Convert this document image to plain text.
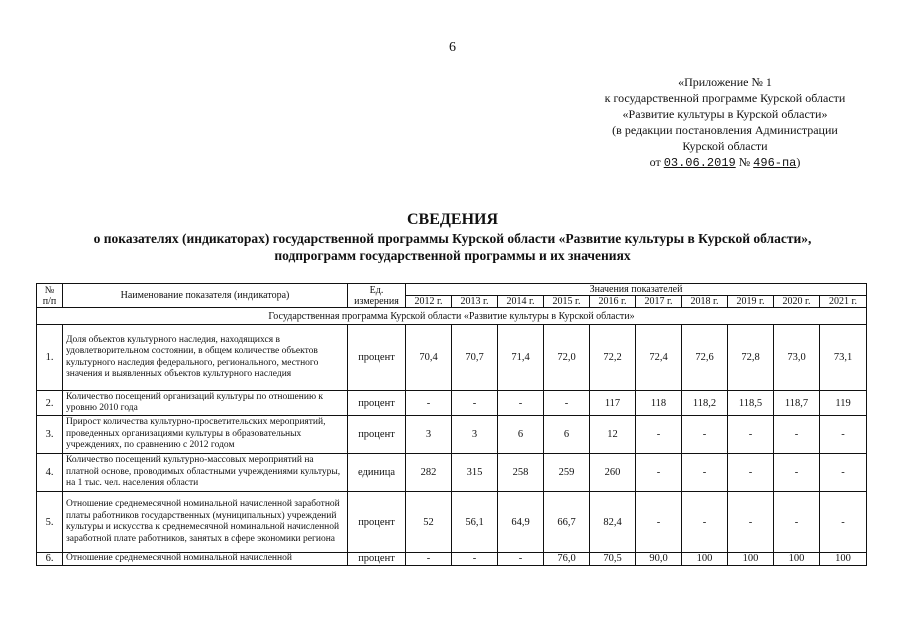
6
«Приложение № 1
к государственной программе Курской области
«Развитие культуры в Курской области»
(в редакции постановления Администрации
Курской области
от 03.06.2019 № 496-па)
СВЕДЕНИЯ
о показателях (индикаторах) государственной программы Курской области «Развитие культуры в Курской области»,
подпрограмм государственной программы и их значениях
№ п/п	Наименование показателя (индикатора)	Ед. измерения	Значения показателей									
			2012 г.	2013 г.	2014 г.	2015 г.	2016 г.	2017 г.	2018 г.	2019 г.	2020 г.	2021 г.
Государственная программа Курской области «Развитие культуры в Курской области»												
1.	Доля объектов культурного наследия, находящихся в удовлетворительном состоянии, в общем количестве объектов культурного наследия федерального, регионального, местного значения и выявленных объектов культурного наследия	процент	70,4	70,7	71,4	72,0	72,2	72,4	72,6	72,8	73,0	73,1
2.	Количество посещений организаций культуры по отношению к уровню 2010 года	процент	-	-	-	-	117	118	118,2	118,5	118,7	119
3.	Прирост количества культурно-просветительских мероприятий, проведенных организациями культуры в образовательных учреждениях, по сравнению с 2012 годом	процент	3	3	6	6	12	-	-	-	-	-
4.	Количество посещений культурно-массовых мероприятий на платной основе, проводимых областными учреждениями культуры, на 1 тыс. чел. населения области	единица	282	315	258	259	260	-	-	-	-	-
5.	Отношение среднемесячной номинальной начисленной заработной платы работников государственных (муниципальных) учреждений культуры и искусства к среднемесячной номинальной начисленной заработной плате работников, занятых в сфере экономики региона	процент	52	56,1	64,9	66,7	82,4	-	-	-	-	-
6.	Отношение среднемесячной номинальной начисленной	процент	-	-	-	76,0	70,5	90,0	100	100	100	100
